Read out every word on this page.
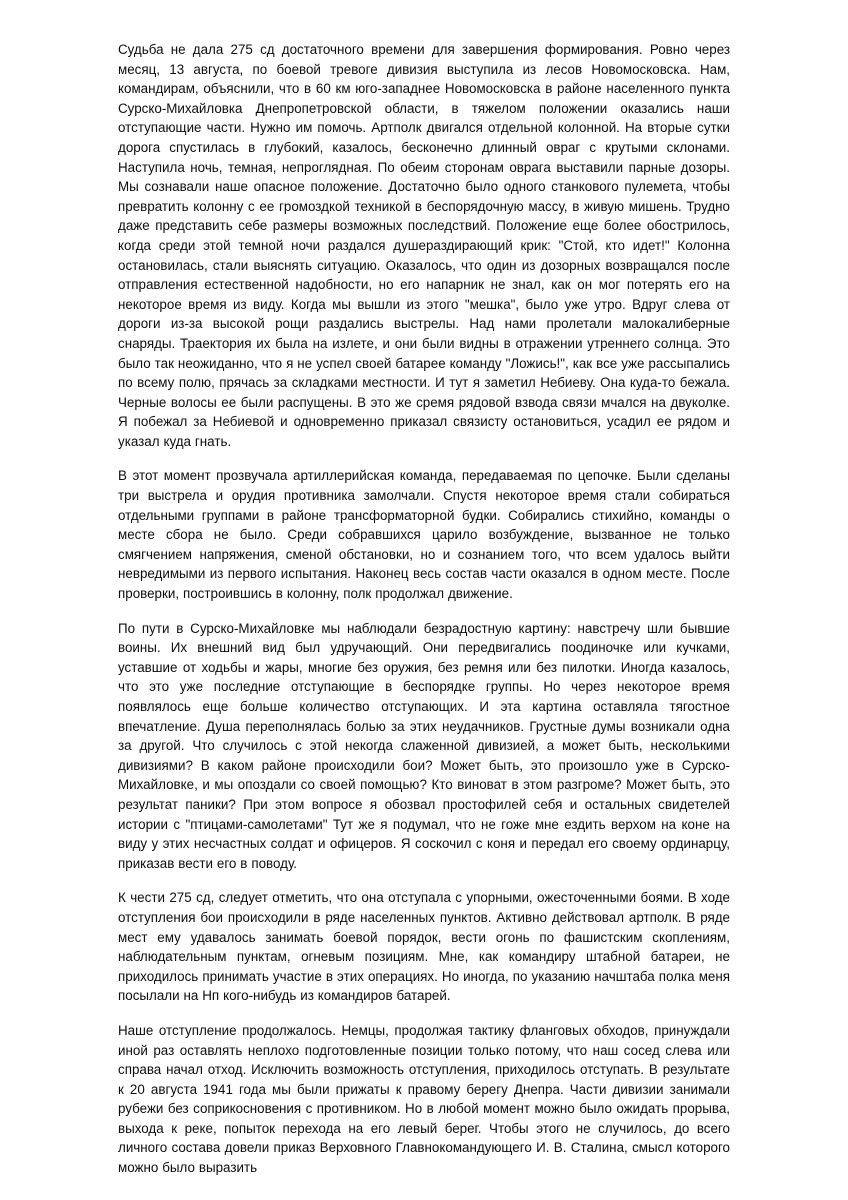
Судьба не дала 275 сд достаточного времени для завершения формирования. Ровно через месяц, 13 августа, по боевой тревоге дивизия выступила из лесов Новомосковска. Нам, командирам, объяснили, что в 60 км юго-западнее Новомосковска в районе населенного пункта Сурско-Михайловка Днепропетровской области, в тяжелом положении оказались наши отступающие части. Нужно им помочь. Артполк двигался отдельной колонной. На вторые сутки дорога спустилась в глубокий, казалось, бесконечно длинный овраг с крутыми склонами. Наступила ночь, темная, непроглядная. По обеим сторонам оврага выставили парные дозоры. Мы сознавали наше опасное положение. Достаточно было одного станкового пулемета, чтобы превратить колонну с ее громоздкой техникой в беспорядочную массу, в живую мишень. Трудно даже представить себе размеры возможных последствий. Положение еще более обострилось, когда среди этой темной ночи раздался душераздирающий крик: "Стой, кто идет!" Колонна остановилась, стали выяснять ситуацию. Оказалось, что один из дозорных возвращался после отправления естественной надобности, но его напарник не знал, как он мог потерять его на некоторое время из виду. Когда мы вышли из этого "мешка", было уже утро. Вдруг слева от дороги из-за высокой рощи раздались выстрелы. Над нами пролетали малокалиберные снаряды. Траектория их была на излете, и они были видны в отражении утреннего солнца. Это было так неожиданно, что я не успел своей батарее команду "Ложись!", как все уже рассыпались по всему полю, прячась за складками местности. И тут я заметил Небиеву. Она куда-то бежала. Черные волосы ее были распущены. В это же сремя рядовой взвода связи мчался на двуколке. Я побежал за Небиевой и одновременно приказал связисту остановиться, усадил ее рядом и указал куда гнать.

В этот момент прозвучала артиллерийская команда, передаваемая по цепочке. Были сделаны три выстрела и орудия противника замолчали. Спустя некоторое время стали собираться отдельными группами в районе трансформаторной будки. Собирались стихийно, команды о месте сбора не было. Среди собравшихся царило возбуждение, вызванное не только смягчением напряжения, сменой обстановки, но и сознанием того, что всем удалось выйти невредимыми из первого испытания. Наконец весь состав части оказался в одном месте. После проверки, построившись в колонну, полк продолжал движение.

По пути в Сурско-Михайловке мы наблюдали безрадостную картину: навстречу шли бывшие воины. Их внешний вид был удручающий. Они передвигались поодиночке или кучками, уставшие от ходьбы и жары, многие без оружия, без ремня или без пилотки. Иногда казалось, что это уже последние отступающие в беспорядке группы. Но через некоторое время появлялось еще больше количество отступающих. И эта картина оставляла тягостное впечатление. Душа переполнялась болью за этих неудачников. Грустные думы возникали одна за другой. Что случилось с этой некогда слаженной дивизией, а может быть, несколькими дивизиями? В каком районе происходили бои? Может быть, это произошло уже в Сурско-Михайловке, и мы опоздали со своей помощью? Кто виноват в этом разгроме? Может быть, это результат паники? При этом вопросе я обозвал простофилей себя и остальных свидетелей истории с "птицами-самолетами" Тут же я подумал, что не гоже мне ездить верхом на коне на виду у этих несчастных солдат и офицеров. Я соскочил с коня и передал его своему ординарцу, приказав вести его в поводу.

К чести 275 сд, следует отметить, что она отступала с упорными, ожесточенными боями. В ходе отступления бои происходили в ряде населенных пунктов. Активно действовал артполк. В ряде мест ему удавалось занимать боевой порядок, вести огонь по фашистским скоплениям, наблюдательным пунктам, огневым позициям. Мне, как командиру штабной батареи, не приходилось принимать участие в этих операциях. Но иногда, по указанию начштаба полка меня посылали на Нп кого-нибудь из командиров батарей.

Наше отступление продолжалось. Немцы, продолжая тактику фланговых обходов, принуждали иной раз оставлять неплохо подготовленные позиции только потому, что наш сосед слева или справа начал отход. Исключить возможность отступления, приходилось отступать. В результате к 20 августа 1941 года мы были прижаты к правому берегу Днепра. Части дивизии занимали рубежи без соприкосновения с противником. Но в любой момент можно было ожидать прорыва, выхода к реке, попыток перехода на его левый берег. Чтобы этого не случилось, до всего личного состава довели приказ Верховного Главнокомандующего И. В. Сталина, смысл которого можно было выразить
